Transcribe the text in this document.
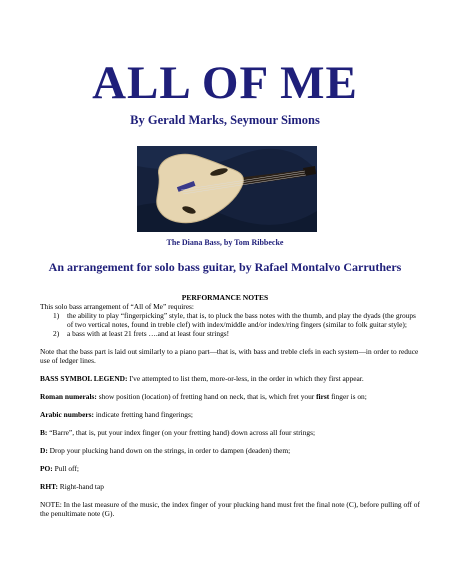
ALL OF ME
By Gerald Marks, Seymour Simons
The Diana Bass, by Tom Ribbecke
An arrangement for solo bass guitar, by Rafael Montalvo Carruthers
PERFORMANCE NOTES

This solo bass arrangement of “All of Me” requires:

1) the ability to play “fingerpicking” style, that is, to pluck the bass notes with the thumb, and play the dyads (the groups of two vertical notes, found in treble clef) with index/middle and/or index/ring fingers (similar to folk guitar style);
2) a bass with at least 21 frets ….and at least four strings!

Note that the bass part is laid out similarly to a piano part—that is, with bass and treble clefs in each system—in order to reduce use of ledger lines.

BASS SYMBOL LEGEND: I've attempted to list them, more-or-less, in the order in which they first appear.

Roman numerals: show position (location) of fretting hand on neck, that is, which fret your first finger is on;

Arabic numbers: indicate fretting hand fingerings;

B: “Barre”, that is, put your index finger (on your fretting hand) down across all four strings;

D: Drop your plucking hand down on the strings, in order to dampen (deaden) them;

PO: Pull off;

RHT: Right-hand tap

NOTE: In the last measure of the music, the index finger of your plucking hand must fret the final note (C), before pulling off of the penultimate note (G).
